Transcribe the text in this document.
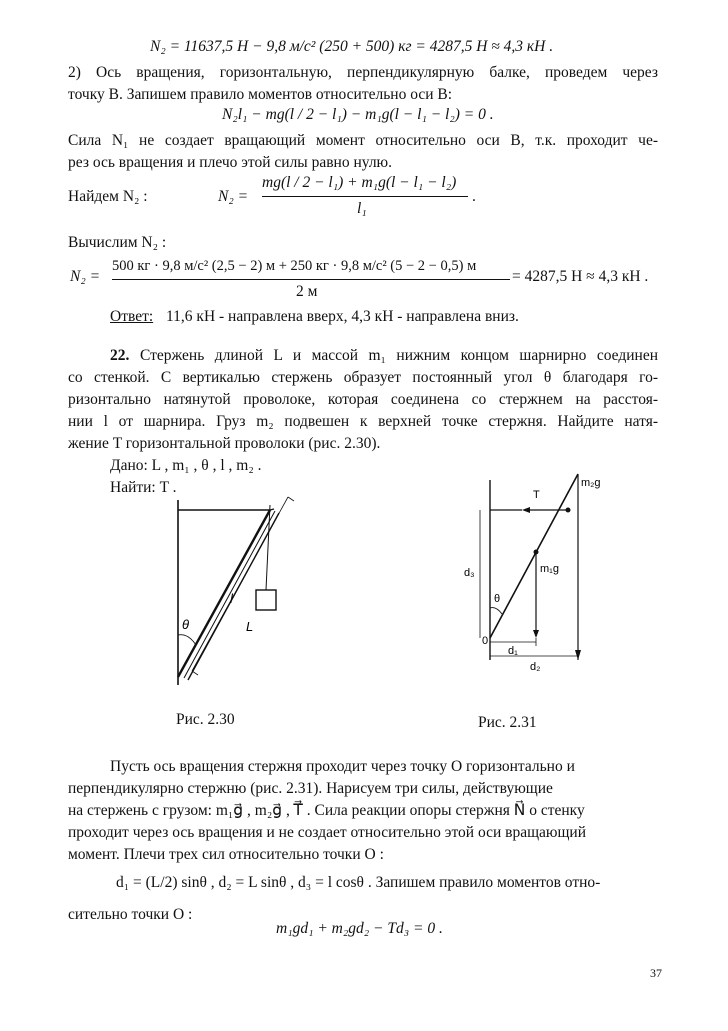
N₂ = 11637,5 Н − 9,8 м/с² (250 + 500) кг = 4287,5 Н ≈ 4,3 кН .
2) Ось вращения, горизонтальную, перпендикулярную балке, проведем через
точку В. Запишем правило моментов относительно оси В:
N₂l₁ − mg(l / 2 − l₁) − m₁g(l − l₁ − l₂) = 0 .
Сила N₁ не создает вращающий момент относительно оси В, т.к. проходит че-
рез ось вращения и плечо этой силы равно нулю.
Найдем N₂ :	N₂ =
mg(l / 2 − l₁) + m₁g(l − l₁ − l₂)
l₁
.
Вычислим N₂ :
N₂ =
500 кг · 9,8 м/с² (2,5 − 2) м + 250 кг · 9,8 м/с² (5 − 2 − 0,5) м
2 м
= 4287,5 Н ≈ 4,3 кН .
Ответ: 11,6 кН - направлена вверх, 4,3 кН - направлена вниз.
22. Стержень длиной L и массой m₁ нижним концом шарнирно соединен
со стенкой. С вертикалью стержень образует постоянный угол θ благодаря го-
ризонтально натянутой проволоке, которая соединена со стержнем на расстоя-
нии l от шарнира. Груз m₂ подвешен к верхней точке стержня. Найдите натя-
жение T горизонтальной проволоки (рис. 2.30).
Дано: L , m₁ , θ , l , m₂ .
Найти: T .
θ
l
L
Рис. 2.30
T
m₂g
m₁g
θ
0
d₁
d₂
d₃
Рис. 2.31
Пусть ось вращения стержня проходит через точку O горизонтально и
перпендикулярно стержню (рис. 2.31). Нарисуем три силы, действующие
на стержень с грузом: m₁g⃗ , m₂g⃗ , T⃗ . Сила реакции опоры стержня N⃗ о стенку
проходит через ось вращения и не создает относительно этой оси вращающий
момент. Плечи трех сил относительно точки O :
d₁ = (L/2) sinθ , d₂ = L sinθ , d₃ = l cosθ . Запишем правило моментов отно-
сительно точки O :
m₁gd₁ + m₂gd₂ − Td₃ = 0 .
37
